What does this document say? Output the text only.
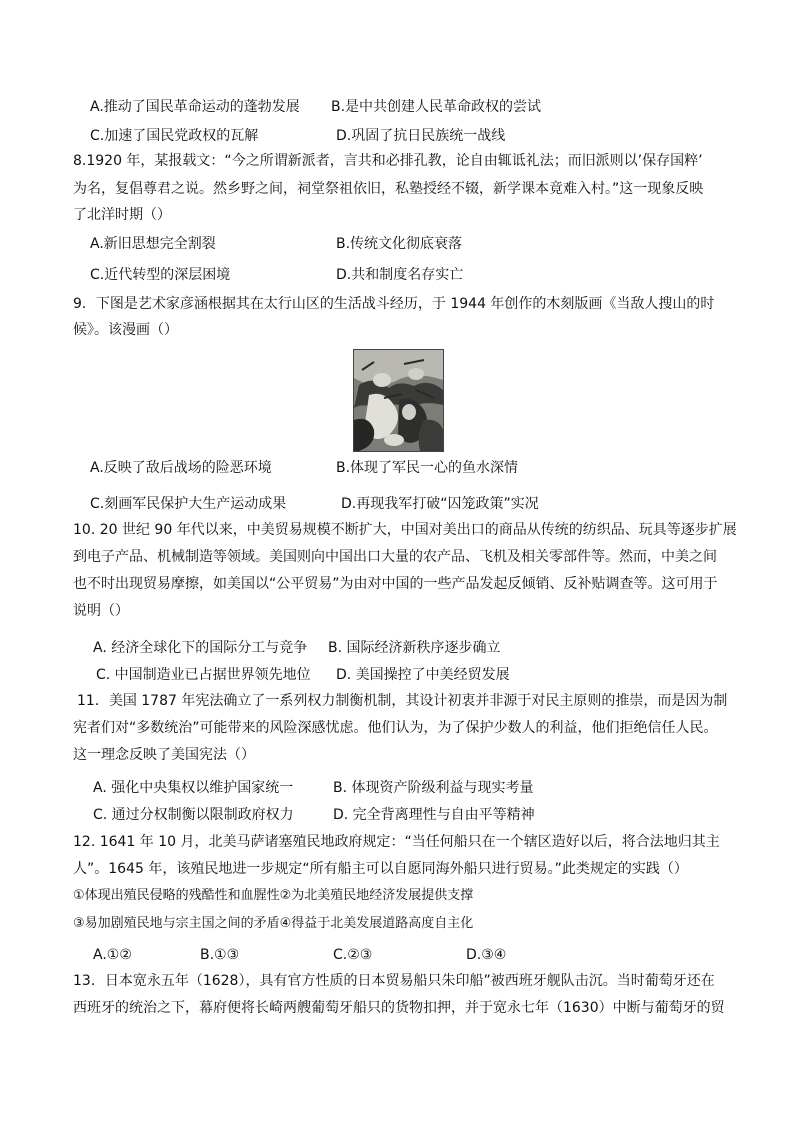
A.推动了国民革命运动的蓬勃发展 B.是中共创建人民革命政权的尝试
C.加速了国民党政权的瓦解	D.巩固了抗日民族统一战线
8.1920 年，某报载文：“今之所谓新派者，言共和必排孔教，论自由辄诋礼法；而旧派则以’保存国粹’
为名，复倡尊君之说。然乡野之间，祠堂祭祖依旧，私塾授经不辍，新学课本竟难入村。”这一现象反映
了北洋时期（）
A.新旧思想完全割裂	B.传统文化彻底衰落
C.近代转型的深层困境	D.共和制度名存实亡
9．下图是艺术家彦涵根据其在太行山区的生活战斗经历，于 1944 年创作的木刻版画《当敌人搜山的时
候》。该漫画（）
A.反映了敌后战场的险恶环境	B.体现了军民一心的鱼水深情
C.刻画军民保护大生产运动成果	D.再现我军打破“囚笼政策”实况
10. 20 世纪 90 年代以来，中美贸易规模不断扩大，中国对美出口的商品从传统的纺织品、玩具等逐步扩展
到电子产品、机械制造等领域。美国则向中国出口大量的农产品、飞机及相关零部件等。然而，中美之间
也不时出现贸易摩擦，如美国以“公平贸易”为由对中国的一些产品发起反倾销、反补贴调查等。这可用于
说明（）
A. 经济全球化下的国际分工与竞争 B. 国际经济新秩序逐步确立
C. 中国制造业已占据世界领先地位 D. 美国操控了中美经贸发展
11．美国 1787 年宪法确立了一系列权力制衡机制，其设计初衷并非源于对民主原则的推崇，而是因为制
宪者们对“多数统治”可能带来的风险深感忧虑。他们认为，为了保护少数人的利益，他们拒绝信任人民。
这一理念反映了美国宪法（）
A. 强化中央集权以维护国家统一	B. 体现资产阶级利益与现实考量
C. 通过分权制衡以限制政府权力	D. 完全背离理性与自由平等精神
12. 1641 年 10 月，北美马萨诸塞殖民地政府规定：“当任何船只在一个辖区造好以后，将合法地归其主
人”。1645 年，该殖民地进一步规定“所有船主可以自愿同海外船只进行贸易。”此类规定的实践（）
①体现出殖民侵略的残酷性和血腥性②为北美殖民地经济发展提供支撑
③易加剧殖民地与宗主国之间的矛盾④得益于北美发展道路高度自主化
A.①②	B.①③	C.②③	D.③④
13．日本宽永五年（1628），具有官方性质的日本贸易船只朱印船”被西班牙舰队击沉。当时葡萄牙还在
西班牙的统治之下，幕府便将长崎两艘葡萄牙船只的货物扣押，并于宽永七年（1630）中断与葡萄牙的贸
